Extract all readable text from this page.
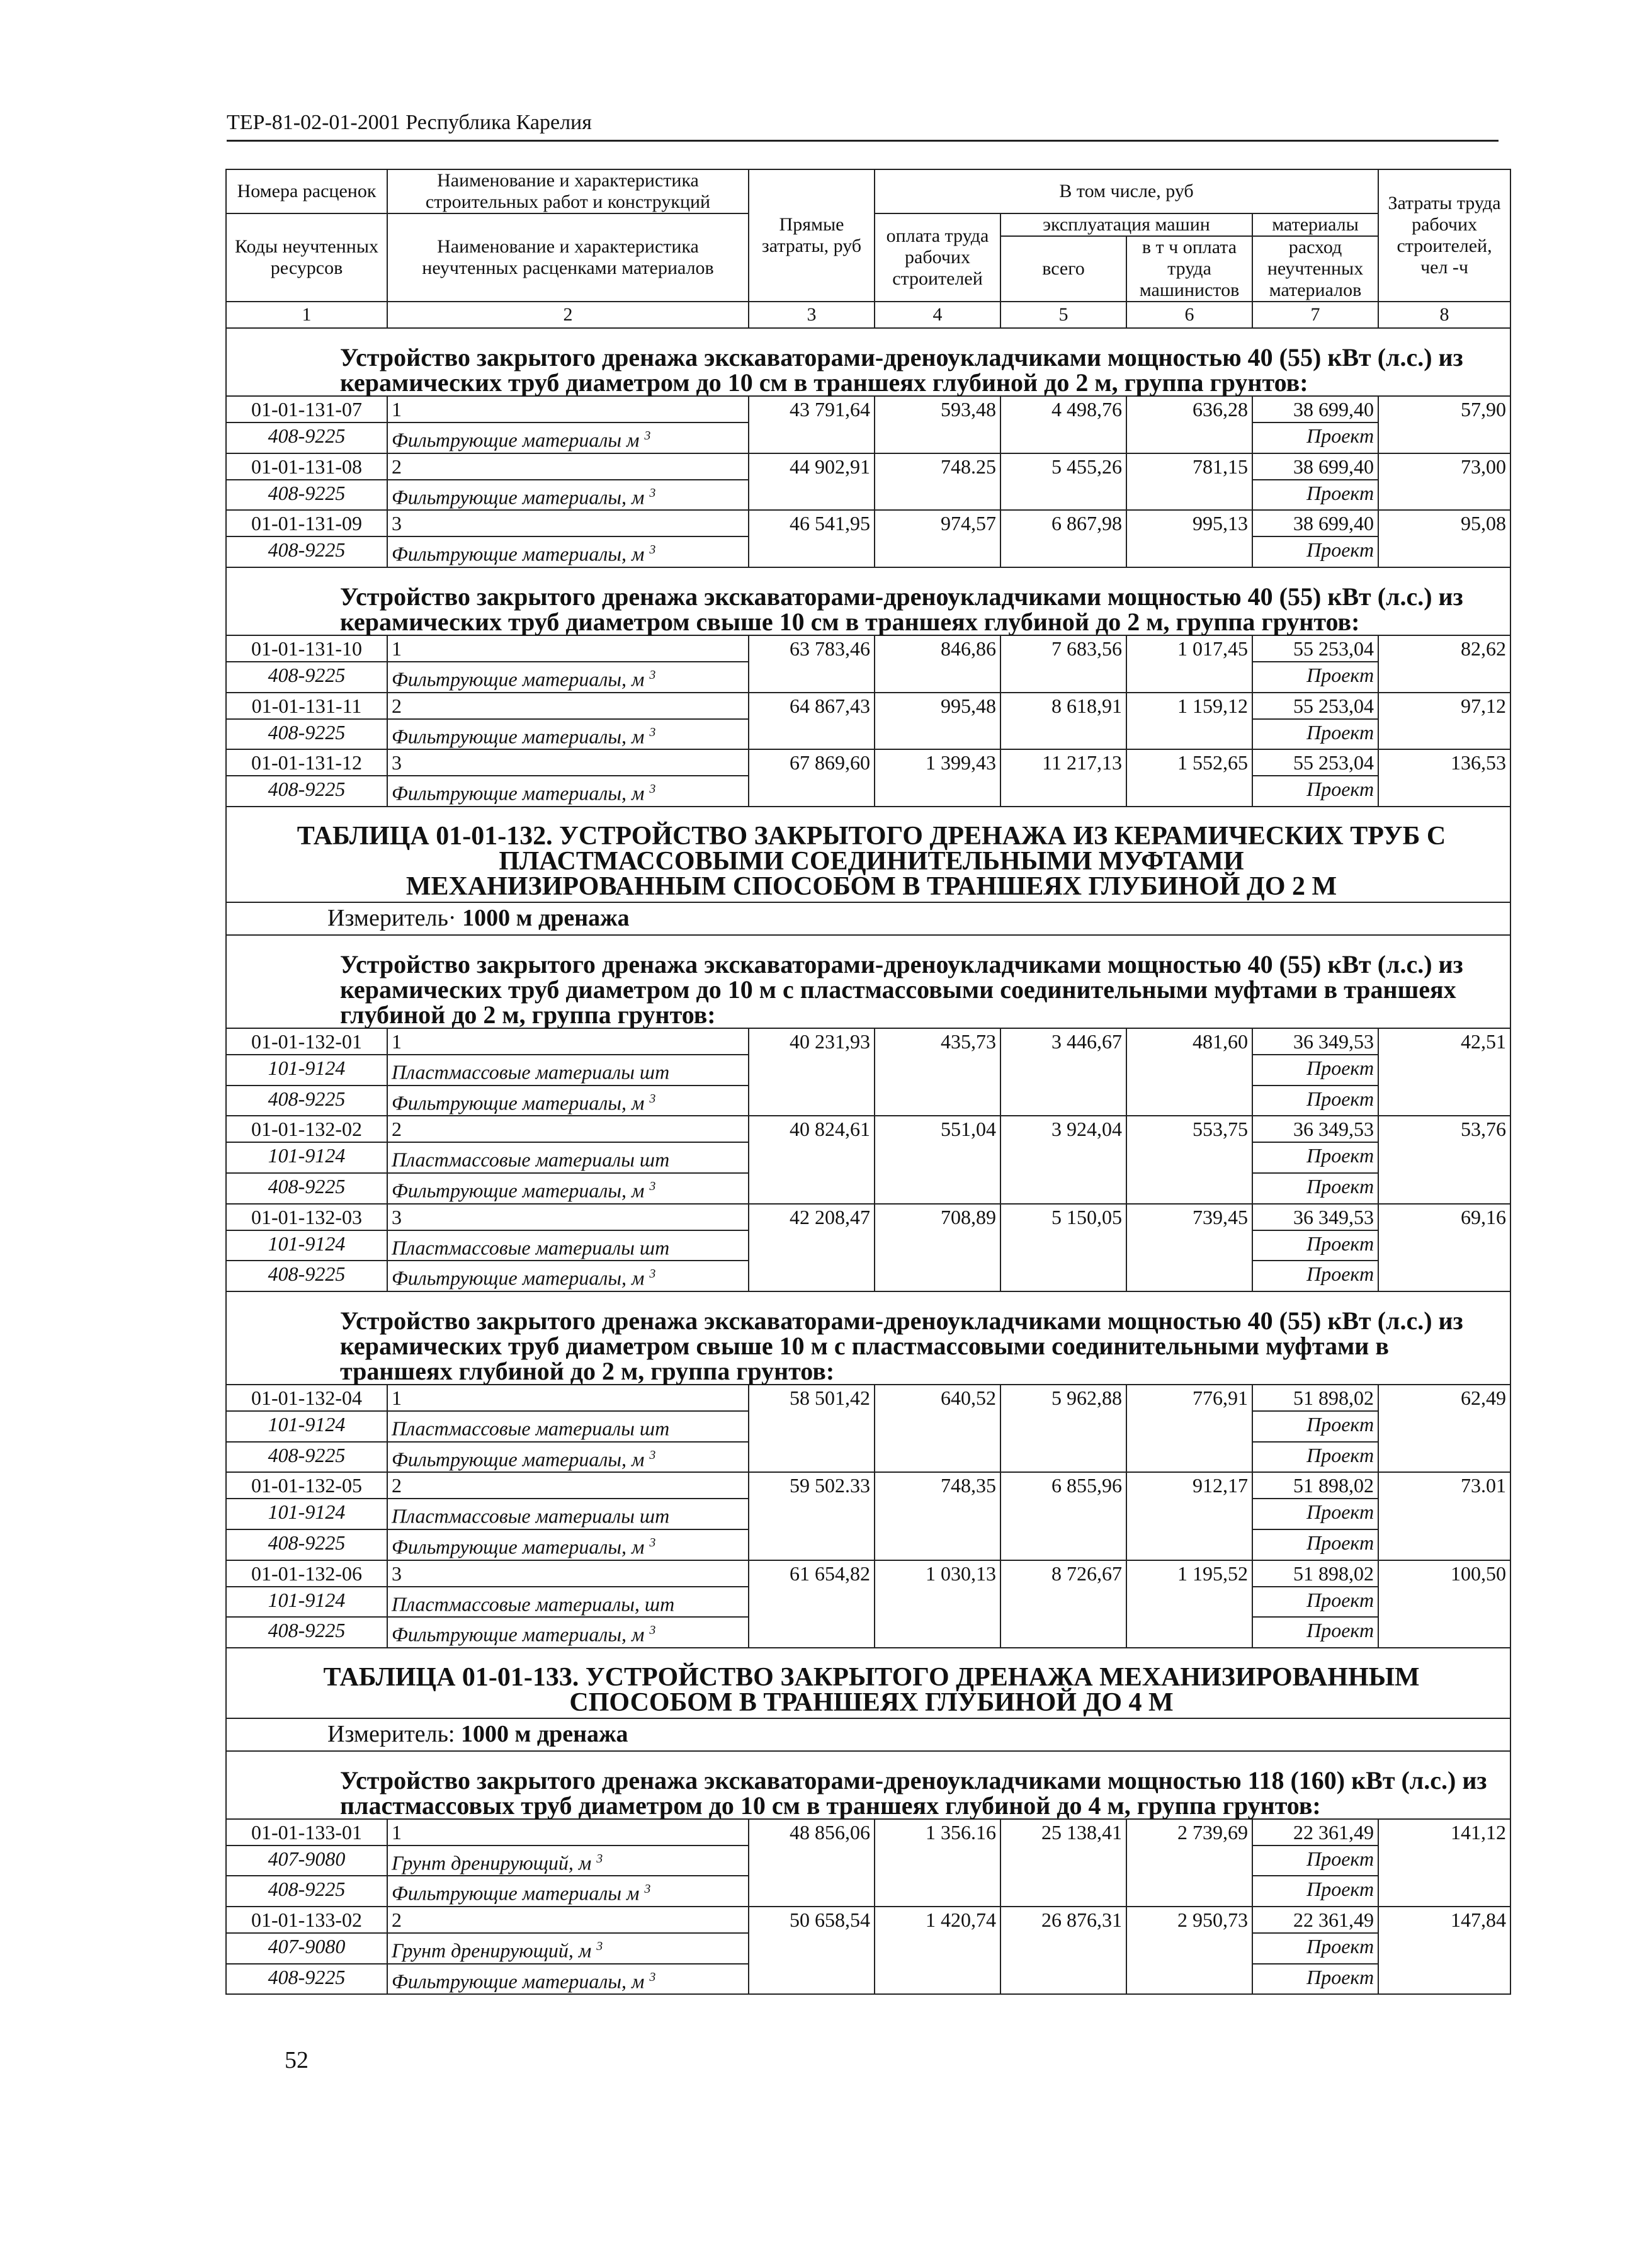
ТЕР-81-02-01-2001 Республика Карелия
Номера расценок	Наименование и характеристика строительных работ и конструкций	Прямые затраты, руб	В том числе, руб				Затраты труда рабочих строителей, чел -ч
Коды неучтенных ресурсов	Наименование и характеристика неучтенных расценками материалов		оплата труда рабочих строителей	эксплуатация машин		материалы	
				всего	в т ч оплата труда машинистов	расход неучтенных материалов	
1	2	3	4	5	6	7	8
Устройство закрытого дренажа экскаваторами-дреноукладчиками мощностью 40 (55) кВт (л.с.) из керамических труб диаметром до 10 см в траншеях глубиной до 2 м, группа грунтов:							
01-01-131-07	1	43 791,64	593,48	4 498,76	636,28	38 699,40	57,90
408-9225	Фильтрующие материалы м $^3$					Проект	
01-01-131-08	2	44 902,91	748.25	5 455,26	781,15	38 699,40	73,00
408-9225	Фильтрующие материалы, м $^3$					Проект	
01-01-131-09	3	46 541,95	974,57	6 867,98	995,13	38 699,40	95,08
408-9225	Фильтрующие материалы, м $^3$					Проект	
Устройство закрытого дренажа экскаваторами-дреноукладчиками мощностью 40 (55) кВт (л.с.) из керамических труб диаметром свыше 10 см в траншеях глубиной до 2 м, группа грунтов:							
01-01-131-10	1	63 783,46	846,86	7 683,56	1 017,45	55 253,04	82,62
408-9225	Фильтрующие материалы, м $^3$					Проект	
01-01-131-11	2	64 867,43	995,48	8 618,91	1 159,12	55 253,04	97,12
408-9225	Фильтрующие материалы, м $^3$					Проект	
01-01-131-12	3	67 869,60	1 399,43	11 217,13	1 552,65	55 253,04	136,53
408-9225	Фильтрующие материалы, м $^3$					Проект	

ТАБЛИЦА 01-01-132. УСТРОЙСТВО ЗАКРЫТОГО ДРЕНАЖА ИЗ КЕРАМИЧЕСКИХ ТРУБ С
ПЛАСТМАССОВЫМИ СОЕДИНИТЕЛЬНЫМИ МУФТАМИ
МЕХАНИЗИРОВАННЫМ СПОСОБОМ В ТРАНШЕЯХ ГЛУБИНОЙ ДО 2 М							

Измеритель· 1000 м дренажа							
Устройство закрытого дренажа экскаваторами-дреноукладчиками мощностью 40 (55) кВт (л.с.) из керамических труб диаметром до 10 м с пластмассовыми соединительными муфтами в траншеях глубиной до 2 м, группа грунтов:							
01-01-132-01	1	40 231,93	435,73	3 446,67	481,60	36 349,53	42,51
101-9124	Пластмассовые материалы шт					Проект	
408-9225	Фильтрующие материалы, м $^3$					Проект	
01-01-132-02	2	40 824,61	551,04	3 924,04	553,75	36 349,53	53,76
101-9124	Пластмассовые материалы шт					Проект	
408-9225	Фильтрующие материалы, м $^3$					Проект	
01-01-132-03	3	42 208,47	708,89	5 150,05	739,45	36 349,53	69,16
101-9124	Пластмассовые материалы шт					Проект	
408-9225	Фильтрующие материалы, м $^3$					Проект	
Устройство закрытого дренажа экскаваторами-дреноукладчиками мощностью 40 (55) кВт (л.с.) из керамических труб диаметром свыше 10 м с пластмассовыми соединительными муфтами в траншеях глубиной до 2 м, группа грунтов:							
01-01-132-04	1	58 501,42	640,52	5 962,88	776,91	51 898,02	62,49
101-9124	Пластмассовые материалы шт					Проект	
408-9225	Фильтрующие материалы, м $^3$					Проект	
01-01-132-05	2	59 502.33	748,35	6 855,96	912,17	51 898,02	73.01
101-9124	Пластмассовые материалы шт					Проект	
408-9225	Фильтрующие материалы, м $^3$					Проект	
01-01-132-06	3	61 654,82	1 030,13	8 726,67	1 195,52	51 898,02	100,50
101-9124	Пластмассовые материалы, шт					Проект	
408-9225	Фильтрующие материалы, м $^3$					Проект	

ТАБЛИЦА 01-01-133. УСТРОЙСТВО ЗАКРЫТОГО ДРЕНАЖА МЕХАНИЗИРОВАННЫМ
СПОСОБОМ В ТРАНШЕЯХ ГЛУБИНОЙ ДО 4 М							

Измеритель: 1000 м дренажа							
Устройство закрытого дренажа экскаваторами-дреноукладчиками мощностью 118 (160) кВт (л.с.) из пластмассовых труб диаметром до 10 см в траншеях глубиной до 4 м, группа грунтов:							
01-01-133-01	1	48 856,06	1 356.16	25 138,41	2 739,69	22 361,49	141,12
407-9080	Грунт дренирующий, м $^3$					Проект	
408-9225	Фильтрующие материалы м $^3$					Проект	
01-01-133-02	2	50 658,54	1 420,74	26 876,31	2 950,73	22 361,49	147,84
407-9080	Грунт дренирующий, м $^3$					Проект	
408-9225	Фильтрующие материалы, м $^3$					Проект	
52
